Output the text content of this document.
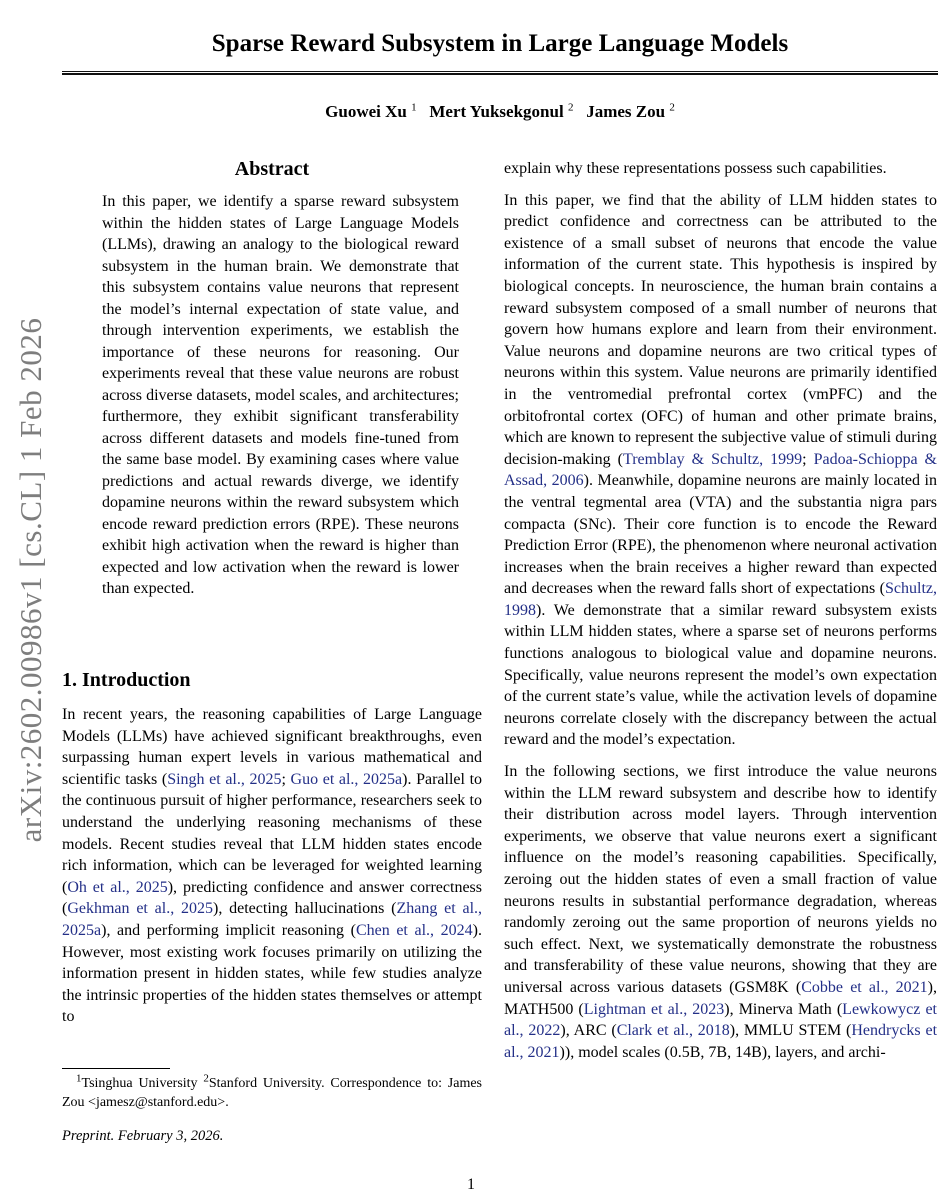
arXiv:2602.00986v1 [cs.CL] 1 Feb 2026
Sparse Reward Subsystem in Large Language Models
Guowei Xu $^1$   Mert Yuksekgonul $^2$   James Zou $^2$
Abstract
In this paper, we identify a sparse reward subsystem within the hidden states of Large Language Models (LLMs), drawing an analogy to the biological reward subsystem in the human brain. We demonstrate that this subsystem contains value neurons that represent the model’s internal expectation of state value, and through intervention experiments, we establish the importance of these neurons for reasoning. Our experiments reveal that these value neurons are robust across diverse datasets, model scales, and architectures; furthermore, they exhibit significant transferability across different datasets and models fine-tuned from the same base model. By examining cases where value predictions and actual rewards diverge, we identify dopamine neurons within the reward subsystem which encode reward prediction errors (RPE). These neurons exhibit high activation when the reward is higher than expected and low activation when the reward is lower than expected.
1. Introduction

In recent years, the reasoning capabilities of Large Language Models (LLMs) have achieved significant breakthroughs, even surpassing human expert levels in various mathematical and scientific tasks (Singh et al., 2025; Guo et al., 2025a). Parallel to the continuous pursuit of higher performance, researchers seek to understand the underlying reasoning mechanisms of these models. Recent studies reveal that LLM hidden states encode rich information, which can be leveraged for weighted learning (Oh et al., 2025), predicting confidence and answer correctness (Gekhman et al., 2025), detecting hallucinations (Zhang et al., 2025a), and performing implicit reasoning (Chen et al., 2024). However, most existing work focuses primarily on utilizing the information present in hidden states, while few studies analyze the intrinsic properties of the hidden states themselves or attempt to

explain why these representations possess such capabilities.

In this paper, we find that the ability of LLM hidden states to predict confidence and correctness can be attributed to the existence of a small subset of neurons that encode the value information of the current state. This hypothesis is inspired by biological concepts. In neuroscience, the human brain contains a reward subsystem composed of a small number of neurons that govern how humans explore and learn from their environment. Value neurons and dopamine neurons are two critical types of neurons within this system. Value neurons are primarily identified in the ventromedial prefrontal cortex (vmPFC) and the orbitofrontal cortex (OFC) of human and other primate brains, which are known to represent the subjective value of stimuli during decision-making (Tremblay & Schultz, 1999; Padoa-Schioppa & Assad, 2006). Meanwhile, dopamine neurons are mainly located in the ventral tegmental area (VTA) and the substantia nigra pars compacta (SNc). Their core function is to encode the Reward Prediction Error (RPE), the phenomenon where neuronal activation increases when the brain receives a higher reward than expected and decreases when the reward falls short of expectations (Schultz, 1998). We demonstrate that a similar reward subsystem exists within LLM hidden states, where a sparse set of neurons performs functions analogous to biological value and dopamine neurons. Specifically, value neurons represent the model’s own expectation of the current state’s value, while the activation levels of dopamine neurons correlate closely with the discrepancy between the actual reward and the model’s expectation.

In the following sections, we first introduce the value neurons within the LLM reward subsystem and describe how to identify their distribution across model layers. Through intervention experiments, we observe that value neurons exert a significant influence on the model’s reasoning capabilities. Specifically, zeroing out the hidden states of even a small fraction of value neurons results in substantial performance degradation, whereas randomly zeroing out the same proportion of neurons yields no such effect. Next, we systematically demonstrate the robustness and transferability of these value neurons, showing that they are universal across various datasets (GSM8K (Cobbe et al., 2021), MATH500 (Lightman et al., 2023), Minerva Math (Lewkowycz et al., 2022), ARC (Clark et al., 2018), MMLU STEM (Hendrycks et al., 2021)), model scales (0.5B, 7B, 14B), layers, and archi-

$^1$Tsinghua University $^2$Stanford University. Correspondence to: James Zou <jamesz@stanford.edu>.
Preprint. February 3, 2026.
1
